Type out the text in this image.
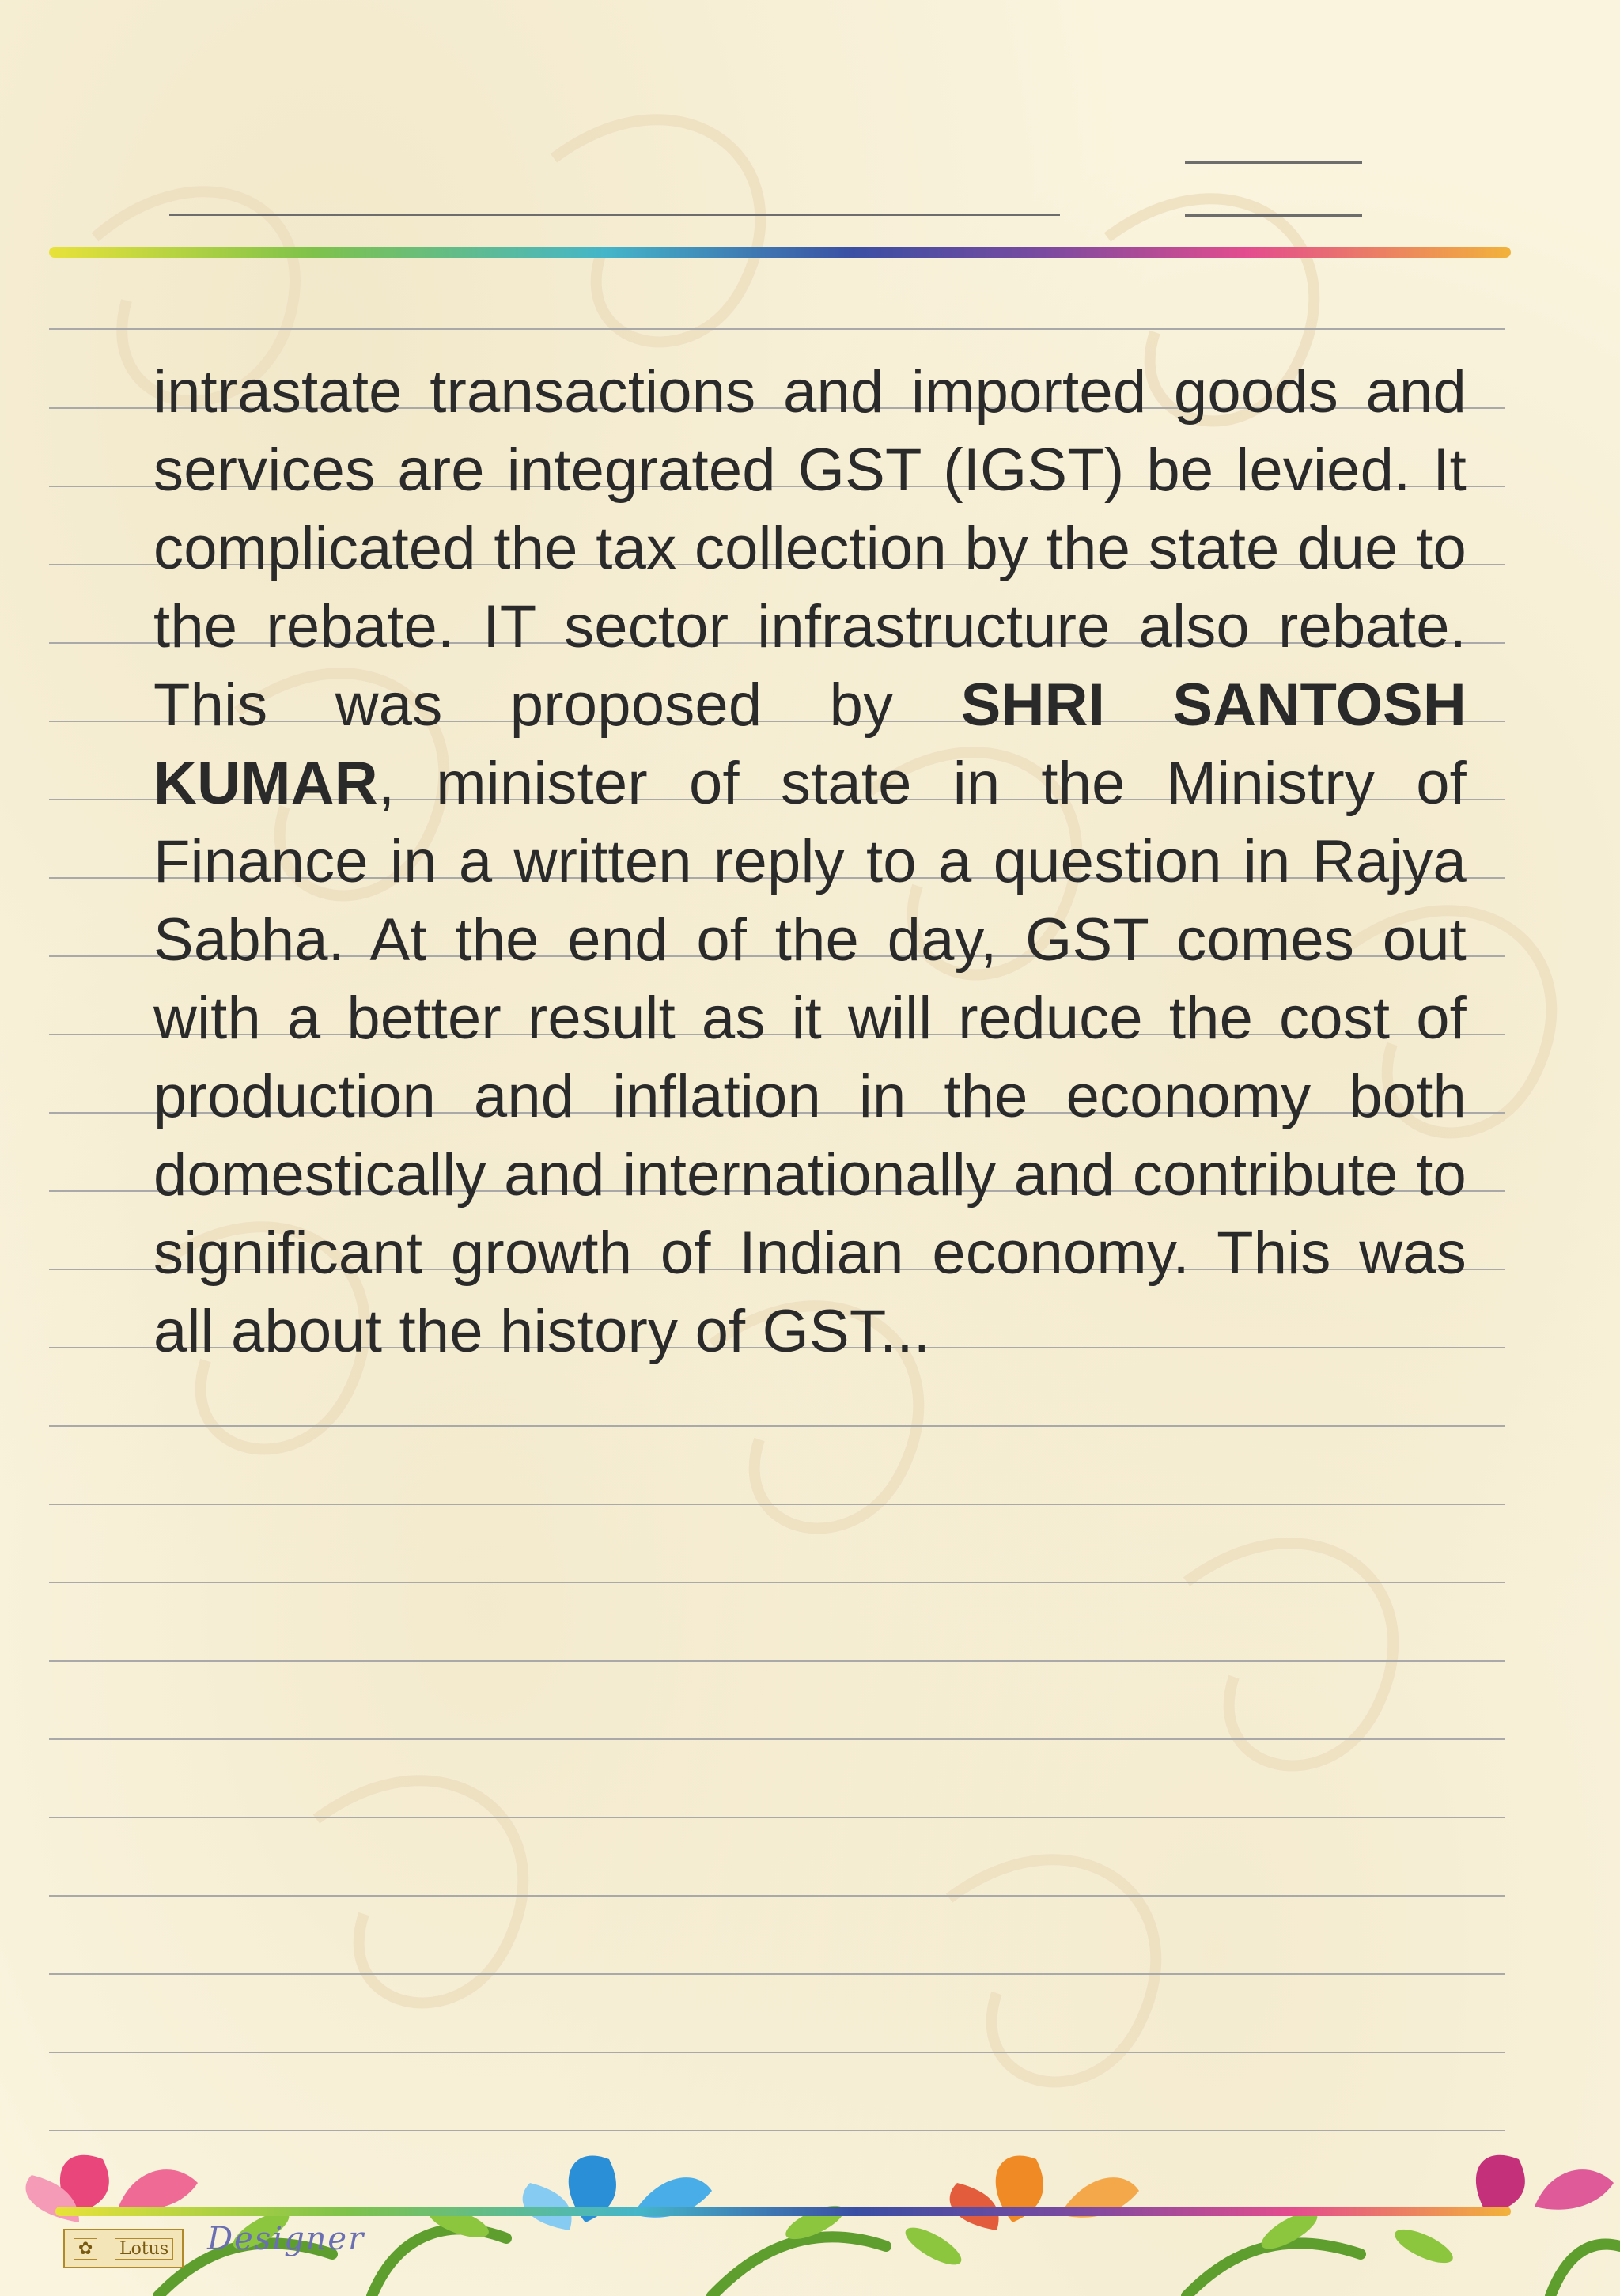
intrastate transactions and imported goods and services are integrated GST (IGST) be levied. It complicated the tax collection by the state due to the rebate. IT sector infrastructure also rebate. This was proposed by SHRI SANTOSH KUMAR, minister of state in the Ministry of Finance in a written reply to a question in Rajya Sabha. At the end of the day, GST comes out with a better result as it will reduce the cost of production and inflation in the economy both domestically and internationally and contribute to significant growth of Indian economy. This was all about the history of GST...
✿ Lotus Designer
